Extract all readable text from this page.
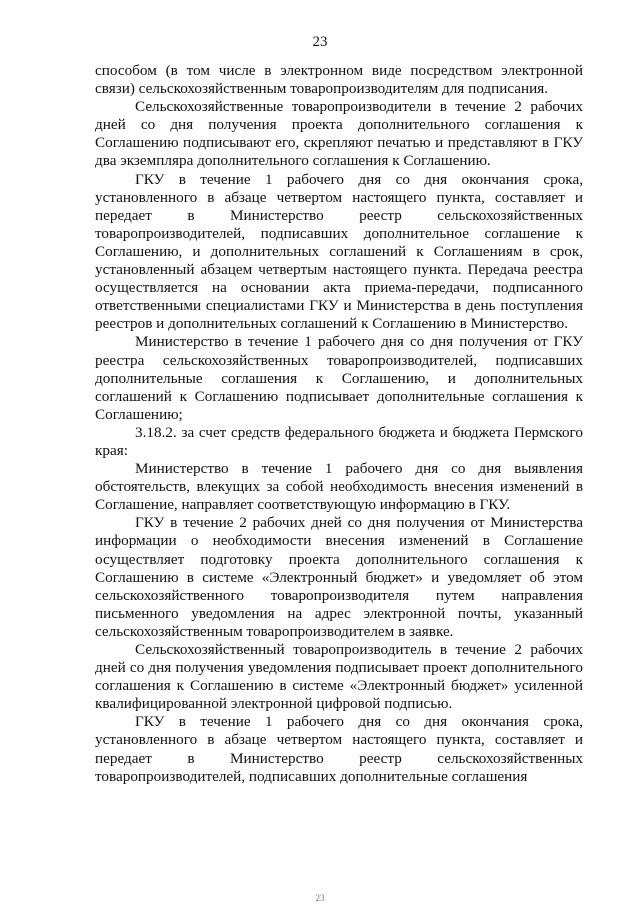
23

способом (в том числе в электронном виде посредством электронной связи) сельскохозяйственным товаропроизводителям для подписания.

Сельскохозяйственные товаропроизводители в течение 2 рабочих дней со дня получения проекта дополнительного соглашения к Соглашению подписывают его, скрепляют печатью и представляют в ГКУ два экземпляра дополнительного соглашения к Соглашению.

ГКУ в течение 1 рабочего дня со дня окончания срока, установленного в абзаце четвертом настоящего пункта, составляет и передает в Министерство реестр сельскохозяйственных товаропроизводителей, подписавших дополнительное соглашение к Соглашению, и дополнительных соглашений к Соглашениям в срок, установленный абзацем четвертым настоящего пункта. Передача реестра осуществляется на основании акта приема-передачи, подписанного ответственными специалистами ГКУ и Министерства в день поступления реестров и дополнительных соглашений к Соглашению в Министерство.

Министерство в течение 1 рабочего дня со дня получения от ГКУ реестра сельскохозяйственных товаропроизводителей, подписавших дополнительные соглашения к Соглашению, и дополнительных соглашений к Соглашению подписывает дополнительные соглашения к Соглашению;

3.18.2. за счет средств федерального бюджета и бюджета Пермского края:

Министерство в течение 1 рабочего дня со дня выявления обстоятельств, влекущих за собой необходимость внесения изменений в Соглашение, направляет соответствующую информацию в ГКУ.

ГКУ в течение 2 рабочих дней со дня получения от Министерства информации о необходимости внесения изменений в Соглашение осуществляет подготовку проекта дополнительного соглашения к Соглашению в системе «Электронный бюджет» и уведомляет об этом сельскохозяйственного товаропроизводителя путем направления письменного уведомления на адрес электронной почты, указанный сельскохозяйственным товаропроизводителем в заявке.

Сельскохозяйственный товаропроизводитель в течение 2 рабочих дней со дня получения уведомления подписывает проект дополнительного соглашения к Соглашению в системе «Электронный бюджет» усиленной квалифицированной электронной цифровой подписью.

ГКУ в течение 1 рабочего дня со дня окончания срока, установленного в абзаце четвертом настоящего пункта, составляет и передает в Министерство реестр сельскохозяйственных товаропроизводителей, подписавших дополнительные соглашения

23
